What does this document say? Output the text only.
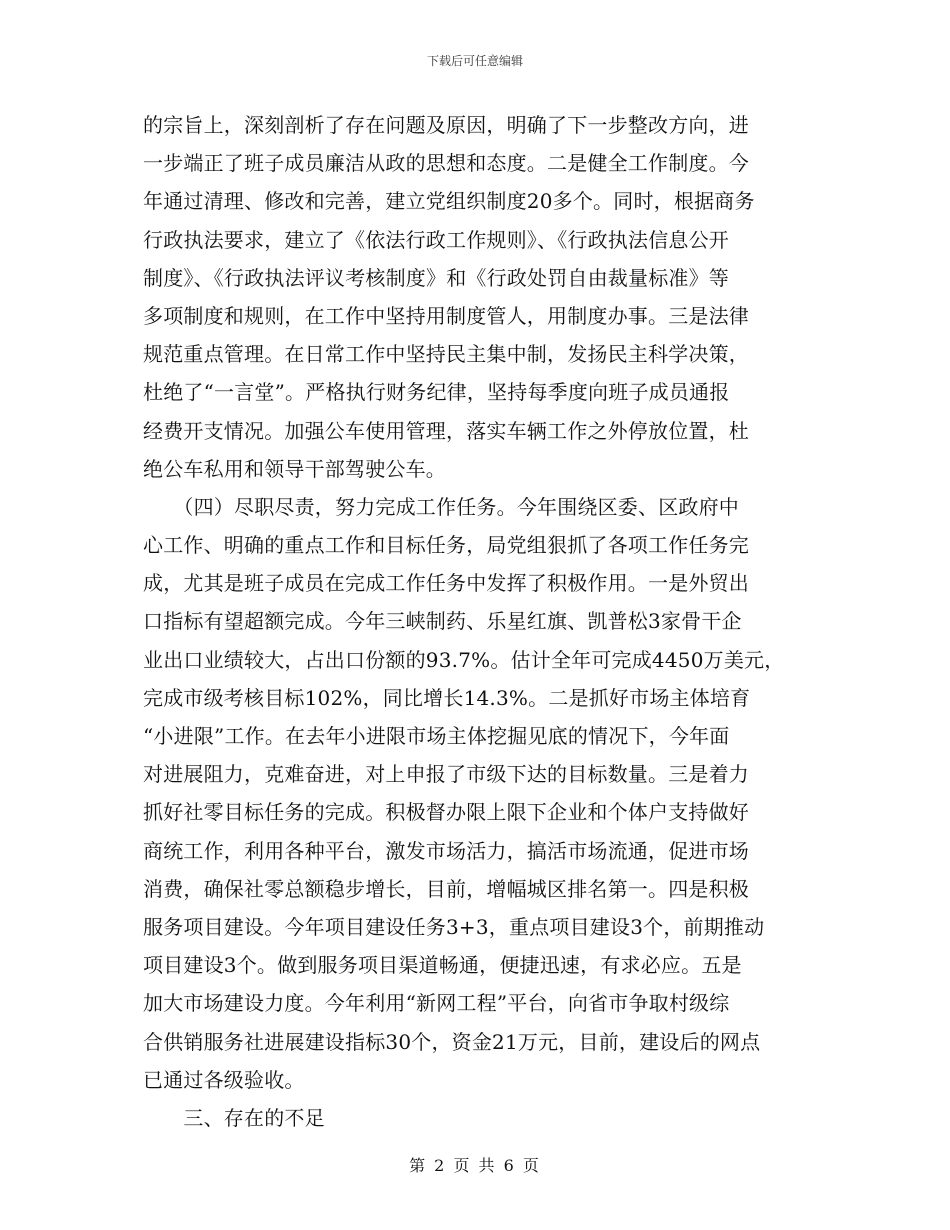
下载后可任意编辑
的宗旨上，深刻剖析了存在问题及原因，明确了下一步整改方向，进
一步端正了班子成员廉洁从政的思想和态度。二是健全工作制度。今
年通过清理、修改和完善，建立党组织制度20多个。同时，根据商务
行政执法要求，建立了《依法行政工作规则》、《行政执法信息公开
制度》、《行政执法评议考核制度》和《行政处罚自由裁量标准》等
多项制度和规则，在工作中坚持用制度管人，用制度办事。三是法律
规范重点管理。在日常工作中坚持民主集中制，发扬民主科学决策，
杜绝了“一言堂”。严格执行财务纪律，坚持每季度向班子成员通报
经费开支情况。加强公车使用管理，落实车辆工作之外停放位置，杜
绝公车私用和领导干部驾驶公车。
　　（四）尽职尽责，努力完成工作任务。今年围绕区委、区政府中
心工作、明确的重点工作和目标任务，局党组狠抓了各项工作任务完
成，尤其是班子成员在完成工作任务中发挥了积极作用。一是外贸出
口指标有望超额完成。今年三峡制药、乐星红旗、凯普松3家骨干企
业出口业绩较大，占出口份额的93.7%。估计全年可完成4450万美元，
完成市级考核目标102%，同比增长14.3%。二是抓好市场主体培育
“小进限”工作。在去年小进限市场主体挖掘见底的情况下，今年面
对进展阻力，克难奋进，对上申报了市级下达的目标数量。三是着力
抓好社零目标任务的完成。积极督办限上限下企业和个体户支持做好
商统工作，利用各种平台，激发市场活力，搞活市场流通，促进市场
消费，确保社零总额稳步增长，目前，增幅城区排名第一。四是积极
服务项目建设。今年项目建设任务3+3，重点项目建设3个，前期推动
项目建设3个。做到服务项目渠道畅通，便捷迅速，有求必应。五是
加大市场建设力度。今年利用“新网工程”平台，向省市争取村级综
合供销服务社进展建设指标30个，资金21万元，目前，建设后的网点
已通过各级验收。
　　三、存在的不足
第 2 页 共 6 页
